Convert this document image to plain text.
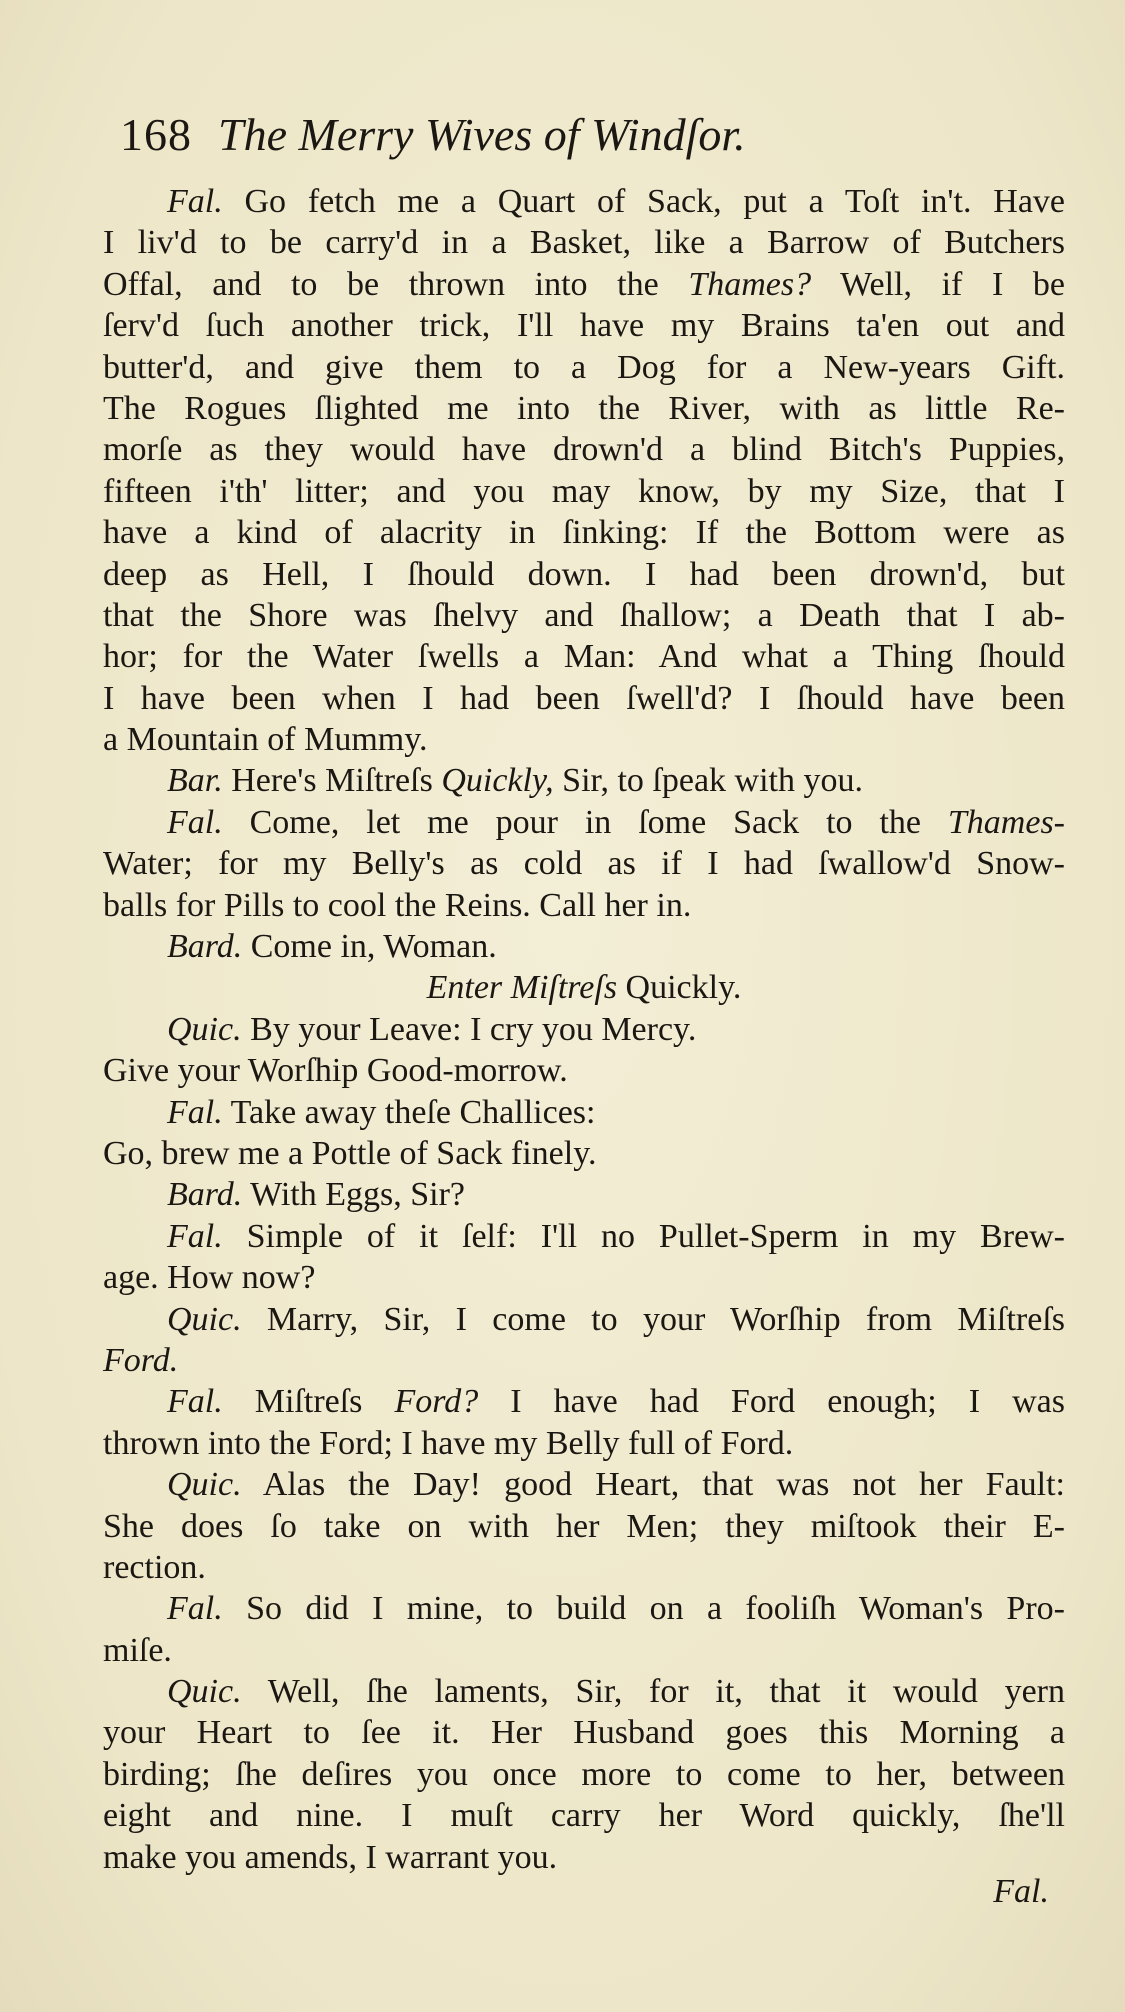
168 The Merry Wives of Windſor.
Fal. Go fetch me a Quart of Sack, put a Toſt in't. Have
I liv'd to be carry'd in a Basket, like a Barrow of Butchers
Offal, and to be thrown into the Thames? Well, if I be
ſerv'd ſuch another trick, I'll have my Brains ta'en out and
butter'd, and give them to a Dog for a New-years Gift.
The Rogues ſlighted me into the River, with as little Re-
morſe as they would have drown'd a blind Bitch's Puppies,
fifteen i'th' litter; and you may know, by my Size, that I
have a kind of alacrity in ſinking: If the Bottom were as
deep as Hell, I ſhould down. I had been drown'd, but
that the Shore was ſhelvy and ſhallow; a Death that I ab-
hor; for the Water ſwells a Man: And what a Thing ſhould
I have been when I had been ſwell'd? I ſhould have been
a Mountain of Mummy.
Bar. Here's Miſtreſs Quickly, Sir, to ſpeak with you.
Fal. Come, let me pour in ſome Sack to the Thames-
Water; for my Belly's as cold as if I had ſwallow'd Snow-
balls for Pills to cool the Reins. Call her in.
Bard. Come in, Woman.
Enter Miſtreſs Quickly.
Quic. By your Leave: I cry you Mercy.
Give your Worſhip Good-morrow.
Fal. Take away theſe Challices:
Go, brew me a Pottle of Sack finely.
Bard. With Eggs, Sir?
Fal. Simple of it ſelf: I'll no Pullet-Sperm in my Brew-
age. How now?
Quic. Marry, Sir, I come to your Worſhip from Miſtreſs
Ford.
Fal. Miſtreſs Ford? I have had Ford enough; I was
thrown into the Ford; I have my Belly full of Ford.
Quic. Alas the Day! good Heart, that was not her Fault:
She does ſo take on with her Men; they miſtook their E-
rection.
Fal. So did I mine, to build on a fooliſh Woman's Pro-
miſe.
Quic. Well, ſhe laments, Sir, for it, that it would yern
your Heart to ſee it. Her Husband goes this Morning a
birding; ſhe deſires you once more to come to her, between
eight and nine. I muſt carry her Word quickly, ſhe'll
make you amends, I warrant you.
Fal.
